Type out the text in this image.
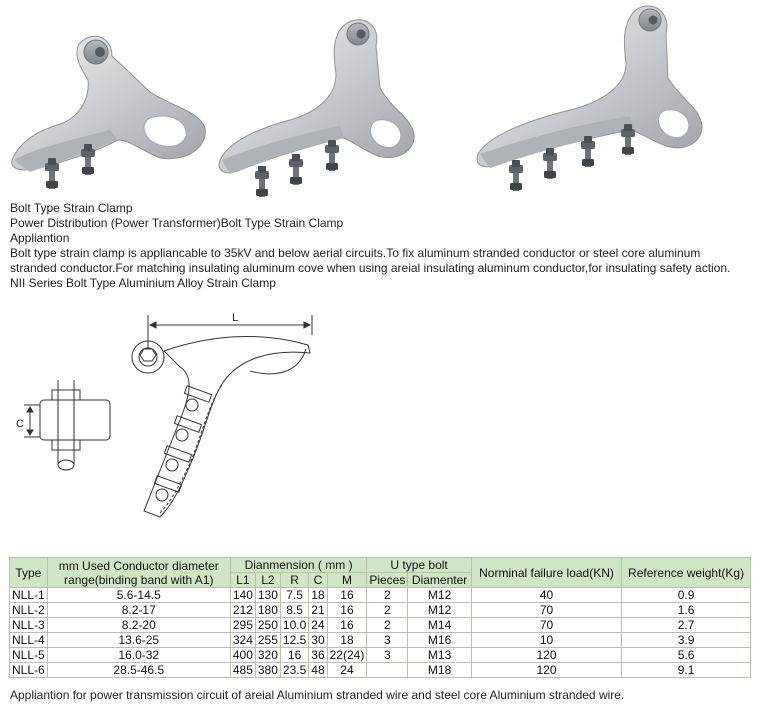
Bolt Type Strain Clamp

Power Distribution (Power Transformer)Bolt Type Strain Clamp

Appliantion

Bolt type strain clamp is appliancable to 35kV and below aerial circuits.To fix aluminum stranded conductor or steel core aluminum stranded conductor.For matching insulating aluminum cove when using areial insulating aluminum conductor,for insulating safety action.

NII Series Bolt Type Aluminium Alloy Strain Clamp

L
C
Type	mm Used Conductor diameter
range(binding band with A1)	Dianmension ( mm )					U type bolt		Norminal failure load(KN)	Reference weight(Kg)
		L1	L2	R	C	M	Pieces	Diamenter		
NLL-1	5.6-14.5	140	130	7.5	18	16	2	M12	40	0.9
NLL-2	8.2-17	212	180	8.5	21	16	2	M12	70	1.6
NLL-3	8.2-20	295	250	10.0	24	16	2	M14	70	2.7
NLL-4	13.6-25	324	255	12.5	30	18	3	M16	10	3.9
NLL-5	16.0-32	400	320	16	36	22(24)	3	M13	120	5.6
NLL-6	28.5-46.5	485	380	23.5	48	24		M18	120	9.1
Appliantion for power transmission circuit of areial Aluminium stranded wire and steel core Aluminium stranded wire.
